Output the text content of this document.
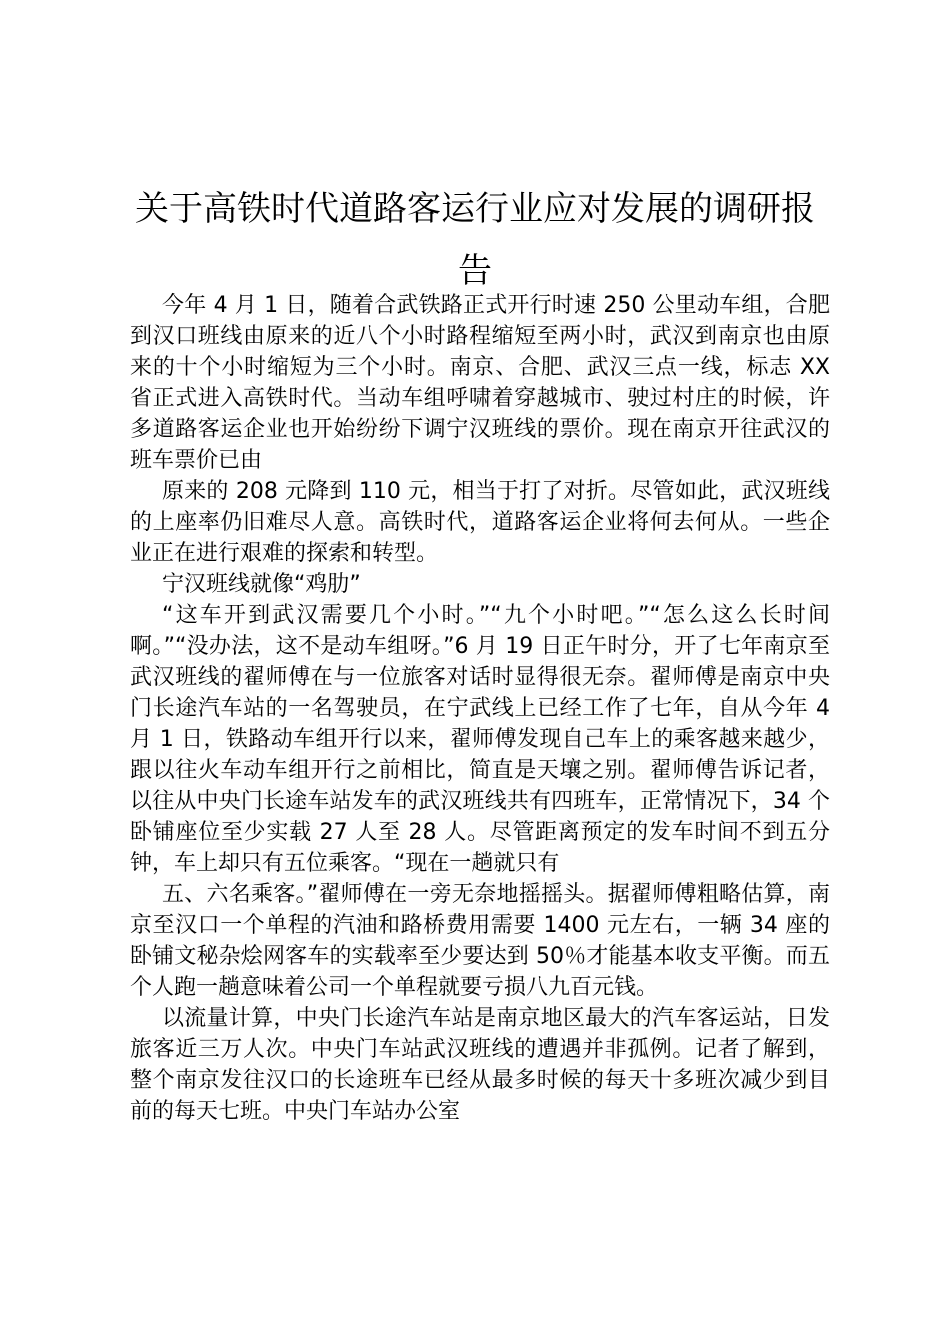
关于高铁时代道路客运行业应对发展的调研报
告

今年 4 月 1 日，随着合武铁路正式开行时速 250 公里动车组，合肥到汉口班线由原来的近八个小时路程缩短至两小时，武汉到南京也由原来的十个小时缩短为三个小时。南京、合肥、武汉三点一线，标志 XX 省正式进入高铁时代。当动车组呼啸着穿越城市、驶过村庄的时候，许多道路客运企业也开始纷纷下调宁汉班线的票价。现在南京开往武汉的班车票价已由

原来的 208 元降到 110 元，相当于打了对折。尽管如此，武汉班线的上座率仍旧难尽人意。高铁时代，道路客运企业将何去何从。一些企业正在进行艰难的探索和转型。

宁汉班线就像“鸡肋”

“这车开到武汉需要几个小时。”“九个小时吧。”“怎么这么长时间啊。”“没办法，这不是动车组呀。”6 月 19 日正午时分，开了七年南京至武汉班线的翟师傅在与一位旅客对话时显得很无奈。翟师傅是南京中央门长途汽车站的一名驾驶员，在宁武线上已经工作了七年，自从今年 4 月 1 日，铁路动车组开行以来，翟师傅发现自己车上的乘客越来越少，跟以往火车动车组开行之前相比，简直是天壤之别。翟师傅告诉记者，以往从中央门长途车站发车的武汉班线共有四班车，正常情况下，34 个卧铺座位至少实载 27 人至 28 人。尽管距离预定的发车时间不到五分钟，车上却只有五位乘客。“现在一趟就只有

五、六名乘客。”翟师傅在一旁无奈地摇摇头。据翟师傅粗略估算，南京至汉口一个单程的汽油和路桥费用需要 1400 元左右，一辆 34 座的卧铺文秘杂烩网客车的实载率至少要达到 50％才能基本收支平衡。而五个人跑一趟意味着公司一个单程就要亏损八九百元钱。

以流量计算，中央门长途汽车站是南京地区最大的汽车客运站，日发旅客近三万人次。中央门车站武汉班线的遭遇并非孤例。记者了解到，整个南京发往汉口的长途班车已经从最多时候的每天十多班次减少到目前的每天七班。中央门车站办公室
